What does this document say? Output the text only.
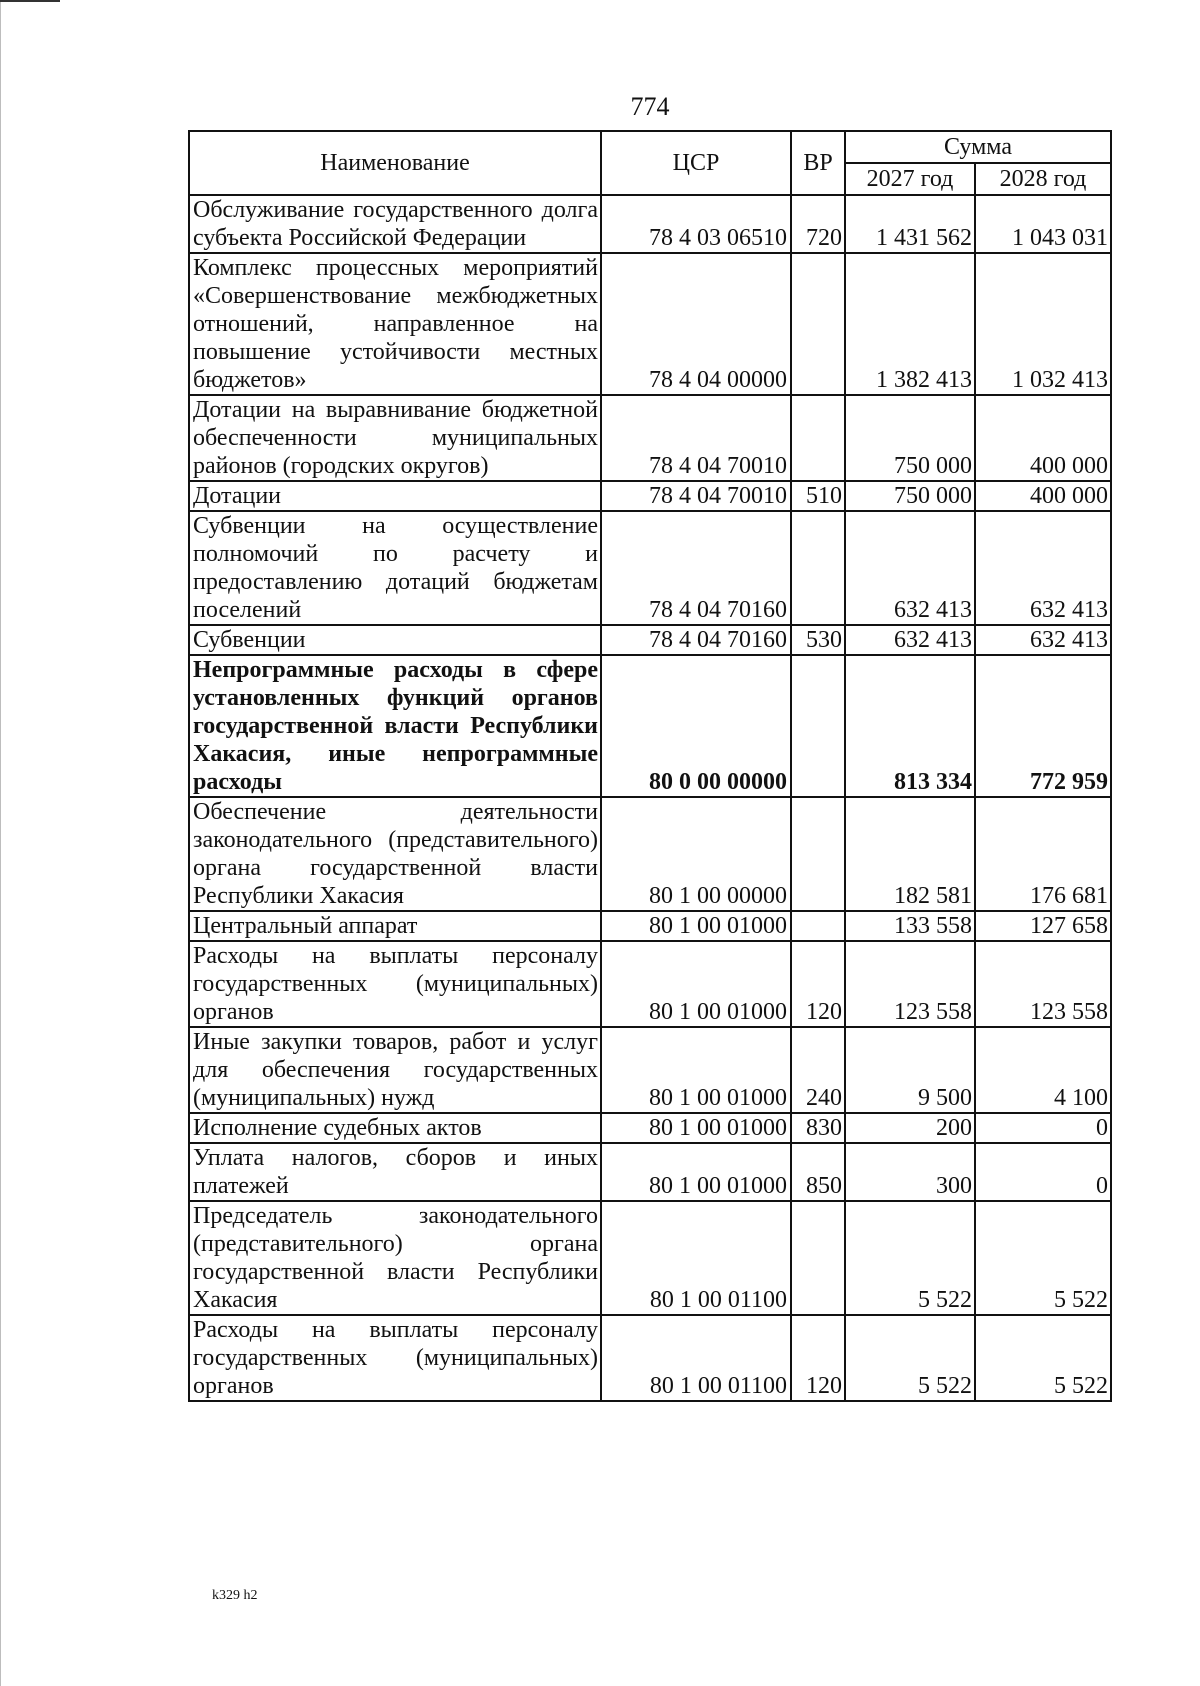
774
Наименование	ЦСР	ВР	Сумма	
			2027 год	2028 год
Обслуживание государственного долга субъекта Российской Федерации	78 4 03 06510	720	1 431 562	1 043 031
Комплекс процессных мероприятий «Совершенствование межбюджетных отношений, направленное на повышение устойчивости местных бюджетов»	78 4 04 00000		1 382 413	1 032 413
Дотации на выравнивание бюджетной обеспеченности муниципальных районов (городских округов)	78 4 04 70010		750 000	400 000
Дотации	78 4 04 70010	510	750 000	400 000
Субвенции на осуществление полномочий по расчету и предоставлению дотаций бюджетам поселений	78 4 04 70160		632 413	632 413
Субвенции	78 4 04 70160	530	632 413	632 413
Непрограммные расходы в сфере установленных функций органов государственной власти Республики Хакасия, иные непрограммные расходы	80 0 00 00000		813 334	772 959
Обеспечение деятельности законодательного (представительного) органа государственной власти Республики Хакасия	80 1 00 00000		182 581	176 681
Центральный аппарат	80 1 00 01000		133 558	127 658
Расходы на выплаты персоналу государственных (муниципальных) органов	80 1 00 01000	120	123 558	123 558
Иные закупки товаров, работ и услуг для обеспечения государственных (муниципальных) нужд	80 1 00 01000	240	9 500	4 100
Исполнение судебных актов	80 1 00 01000	830	200	0
Уплата налогов, сборов и иных платежей	80 1 00 01000	850	300	0
Председатель законодательного (представительного) органа государственной власти Республики Хакасия	80 1 00 01100		5 522	5 522
Расходы на выплаты персоналу государственных (муниципальных) органов	80 1 00 01100	120	5 522	5 522
k329 h2
